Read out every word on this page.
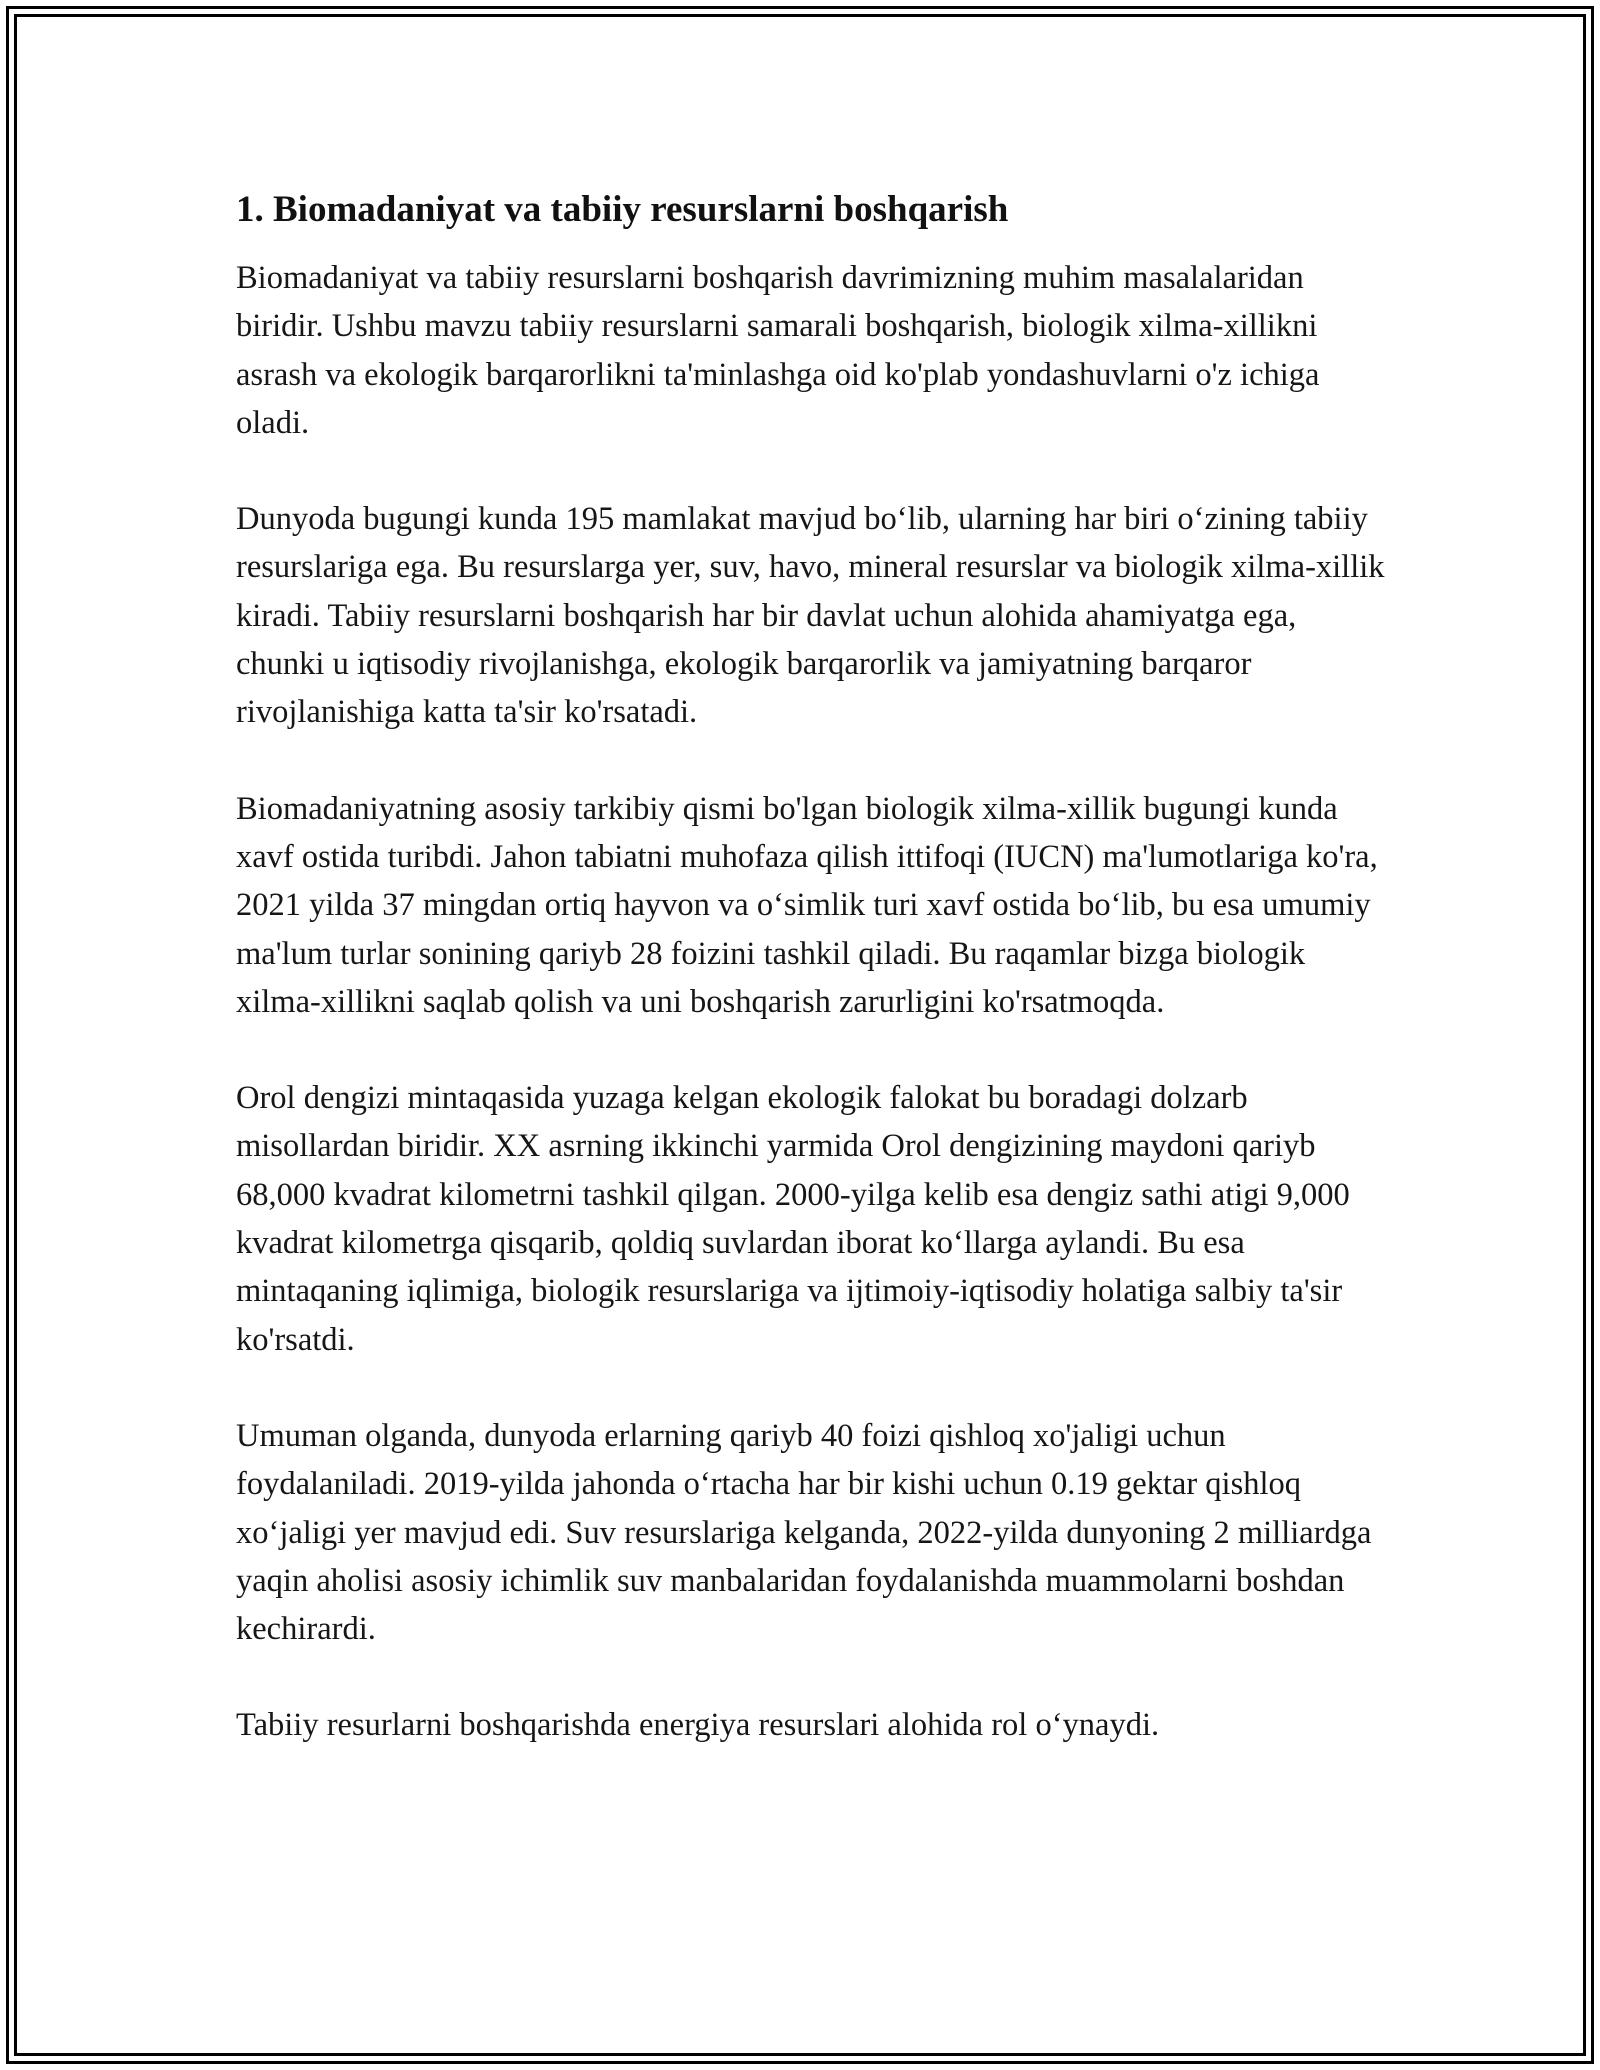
1. Biomadaniyat va tabiiy resurslarni boshqarish

Biomadaniyat va tabiiy resurslarni boshqarish davrimizning muhim masalalaridan biridir. Ushbu mavzu tabiiy resurslarni samarali boshqarish, biologik xilma-xillikni asrash va ekologik barqarorlikni ta'minlashga oid ko'plab yondashuvlarni o'z ichiga oladi.

Dunyoda bugungi kunda 195 mamlakat mavjud boʻlib, ularning har biri oʻzining tabiiy resurslariga ega. Bu resurslarga yer, suv, havo, mineral resurslar va biologik xilma-xillik kiradi. Tabiiy resurslarni boshqarish har bir davlat uchun alohida ahamiyatga ega, chunki u iqtisodiy rivojlanishga, ekologik barqarorlik va jamiyatning barqaror rivojlanishiga katta ta'sir ko'rsatadi.

Biomadaniyatning asosiy tarkibiy qismi bo'lgan biologik xilma-xillik bugungi kunda xavf ostida turibdi. Jahon tabiatni muhofaza qilish ittifoqi (IUCN) ma'lumotlariga ko'ra, 2021 yilda 37 mingdan ortiq hayvon va oʻsimlik turi xavf ostida boʻlib, bu esa umumiy ma'lum turlar sonining qariyb 28 foizini tashkil qiladi. Bu raqamlar bizga biologik xilma-xillikni saqlab qolish va uni boshqarish zarurligini ko'rsatmoqda.

Orol dengizi mintaqasida yuzaga kelgan ekologik falokat bu boradagi dolzarb misollardan biridir. XX asrning ikkinchi yarmida Orol dengizining maydoni qariyb 68,000 kvadrat kilometrni tashkil qilgan. 2000-yilga kelib esa dengiz sathi atigi 9,000 kvadrat kilometrga qisqarib, qoldiq suvlardan iborat koʻllarga aylandi. Bu esa mintaqaning iqlimiga, biologik resurslariga va ijtimoiy-iqtisodiy holatiga salbiy ta'sir ko'rsatdi.

Umuman olganda, dunyoda erlarning qariyb 40 foizi qishloq xo'jaligi uchun foydalaniladi. 2019-yilda jahonda oʻrtacha har bir kishi uchun 0.19 gektar qishloq xoʻjaligi yer mavjud edi. Suv resurslariga kelganda, 2022-yilda dunyoning 2 milliardga yaqin aholisi asosiy ichimlik suv manbalaridan foydalanishda muammolarni boshdan kechirardi.

Tabiiy resurlarni boshqarishda energiya resurslari alohida rol oʻynaydi.
